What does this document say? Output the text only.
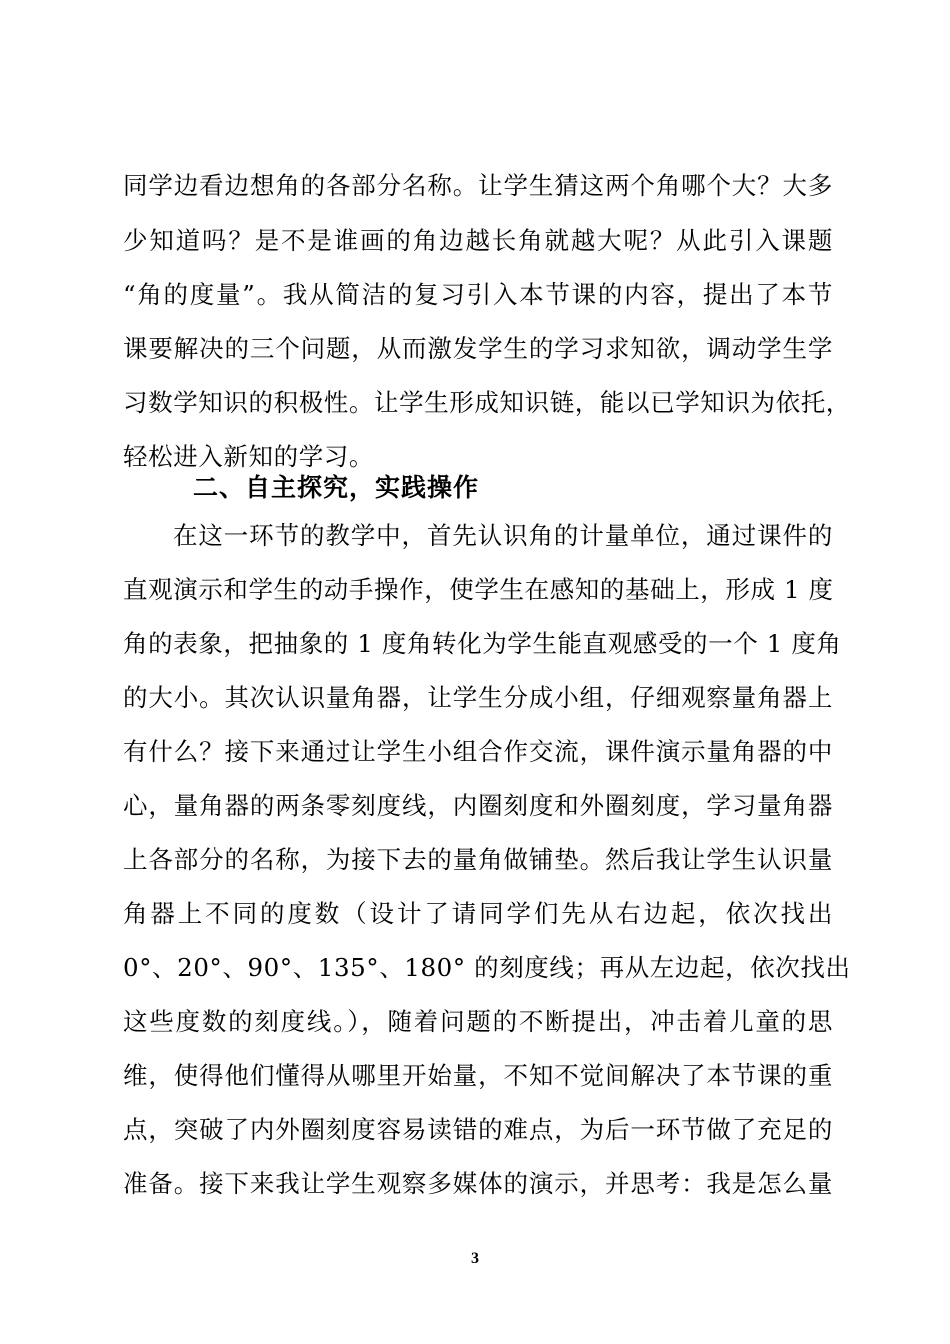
同学边看边想角的各部分名称。让学生猜这两个角哪个大？大多
少知道吗？是不是谁画的角边越长角就越大呢？从此引入课题
“角的度量”。我从简洁的复习引入本节课的内容，提出了本节
课要解决的三个问题，从而激发学生的学习求知欲，调动学生学
习数学知识的积极性。让学生形成知识链，能以已学知识为依托，
轻松进入新知的学习。
二、自主探究，实践操作
在这一环节的教学中，首先认识角的计量单位，通过课件的
直观演示和学生的动手操作，使学生在感知的基础上，形成 1 度
角的表象，把抽象的 1 度角转化为学生能直观感受的一个 1 度角
的大小。其次认识量角器，让学生分成小组，仔细观察量角器上
有什么？接下来通过让学生小组合作交流，课件演示量角器的中
心，量角器的两条零刻度线，内圈刻度和外圈刻度，学习量角器
上各部分的名称，为接下去的量角做铺垫。然后我让学生认识量
角器上不同的度数（设计了请同学们先从右边起，依次找出
0°、20°、90°、135°、180° 的刻度线；再从左边起，依次找出
这些度数的刻度线。），随着问题的不断提出，冲击着儿童的思
维，使得他们懂得从哪里开始量，不知不觉间解决了本节课的重
点，突破了内外圈刻度容易读错的难点，为后一环节做了充足的
准备。接下来我让学生观察多媒体的演示，并思考：我是怎么量
3
